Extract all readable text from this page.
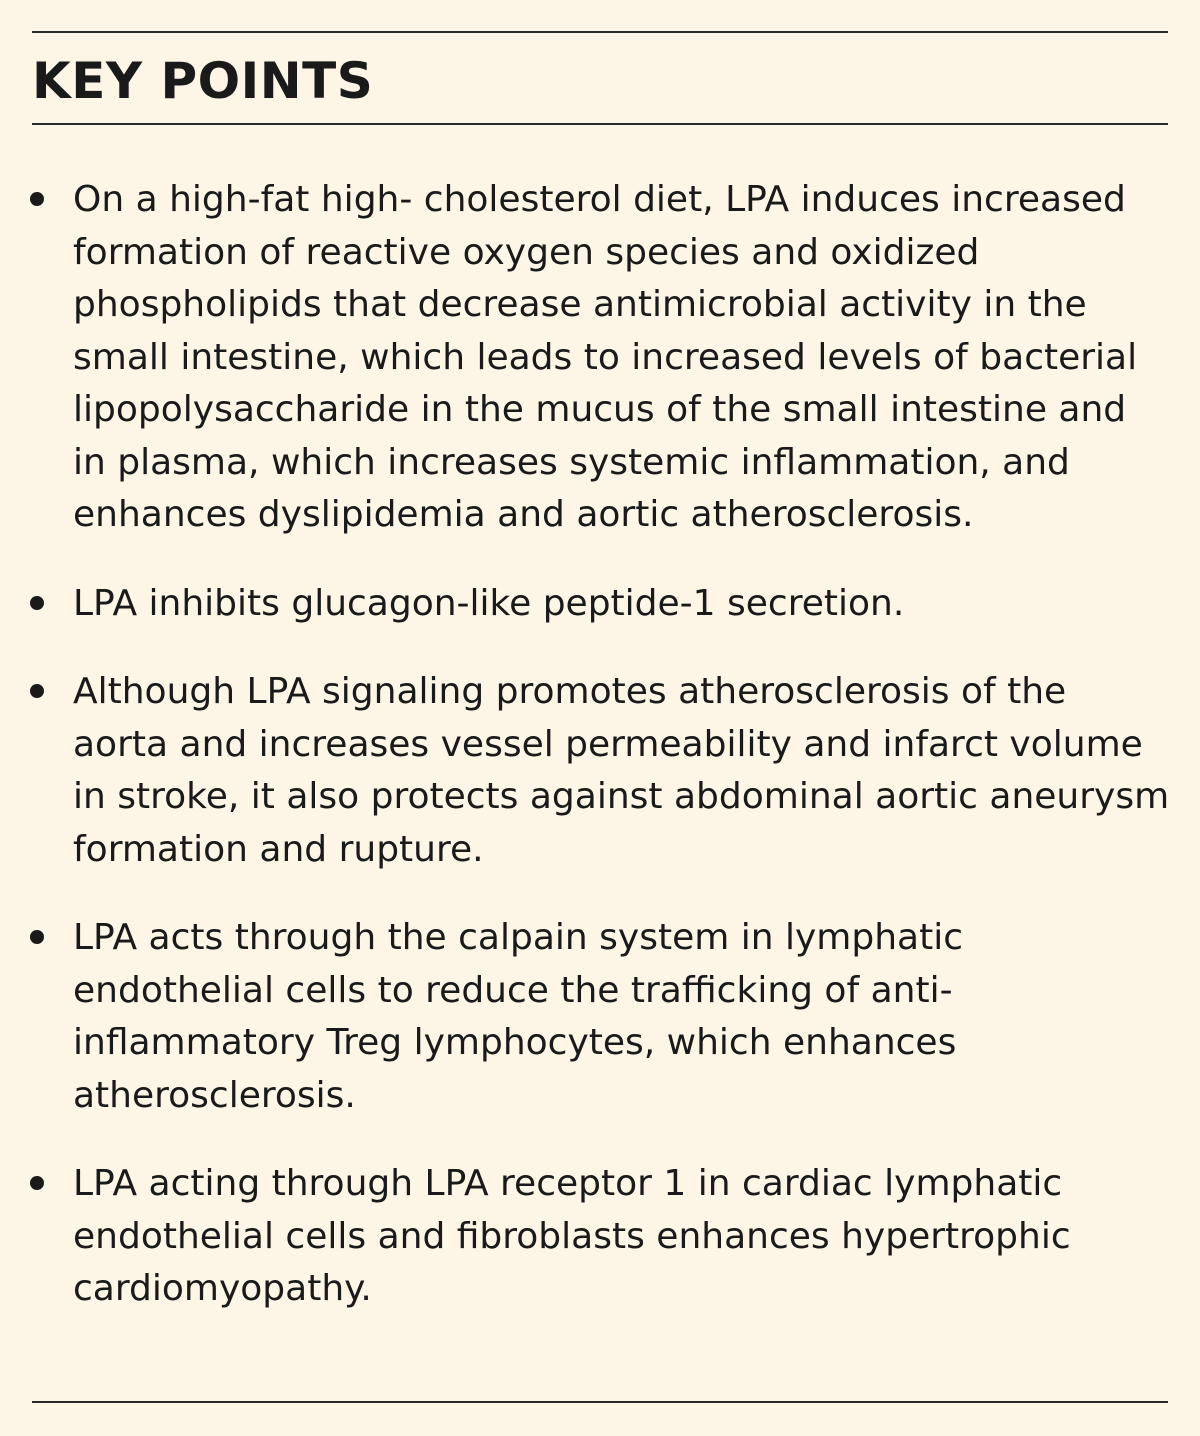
KEY POINTS
On a high-fat high- cholesterol diet, LPA induces increased formation of reactive oxygen species and oxidized phospholipids that decrease antimicrobial activity in the small intestine, which leads to increased levels of bacterial lipopolysaccharide in the mucus of the small intestine and in plasma, which increases systemic inflammation, and enhances dyslipidemia and aortic atherosclerosis.
LPA inhibits glucagon-like peptide-1 secretion.
Although LPA signaling promotes atherosclerosis of the aorta and increases vessel permeability and infarct volume in stroke, it also protects against abdominal aortic aneurysm formation and rupture.
LPA acts through the calpain system in lymphatic endothelial cells to reduce the trafficking of anti-inflammatory Treg lymphocytes, which enhances atherosclerosis.
LPA acting through LPA receptor 1 in cardiac lymphatic endothelial cells and fibroblasts enhances hypertrophic cardiomyopathy.
